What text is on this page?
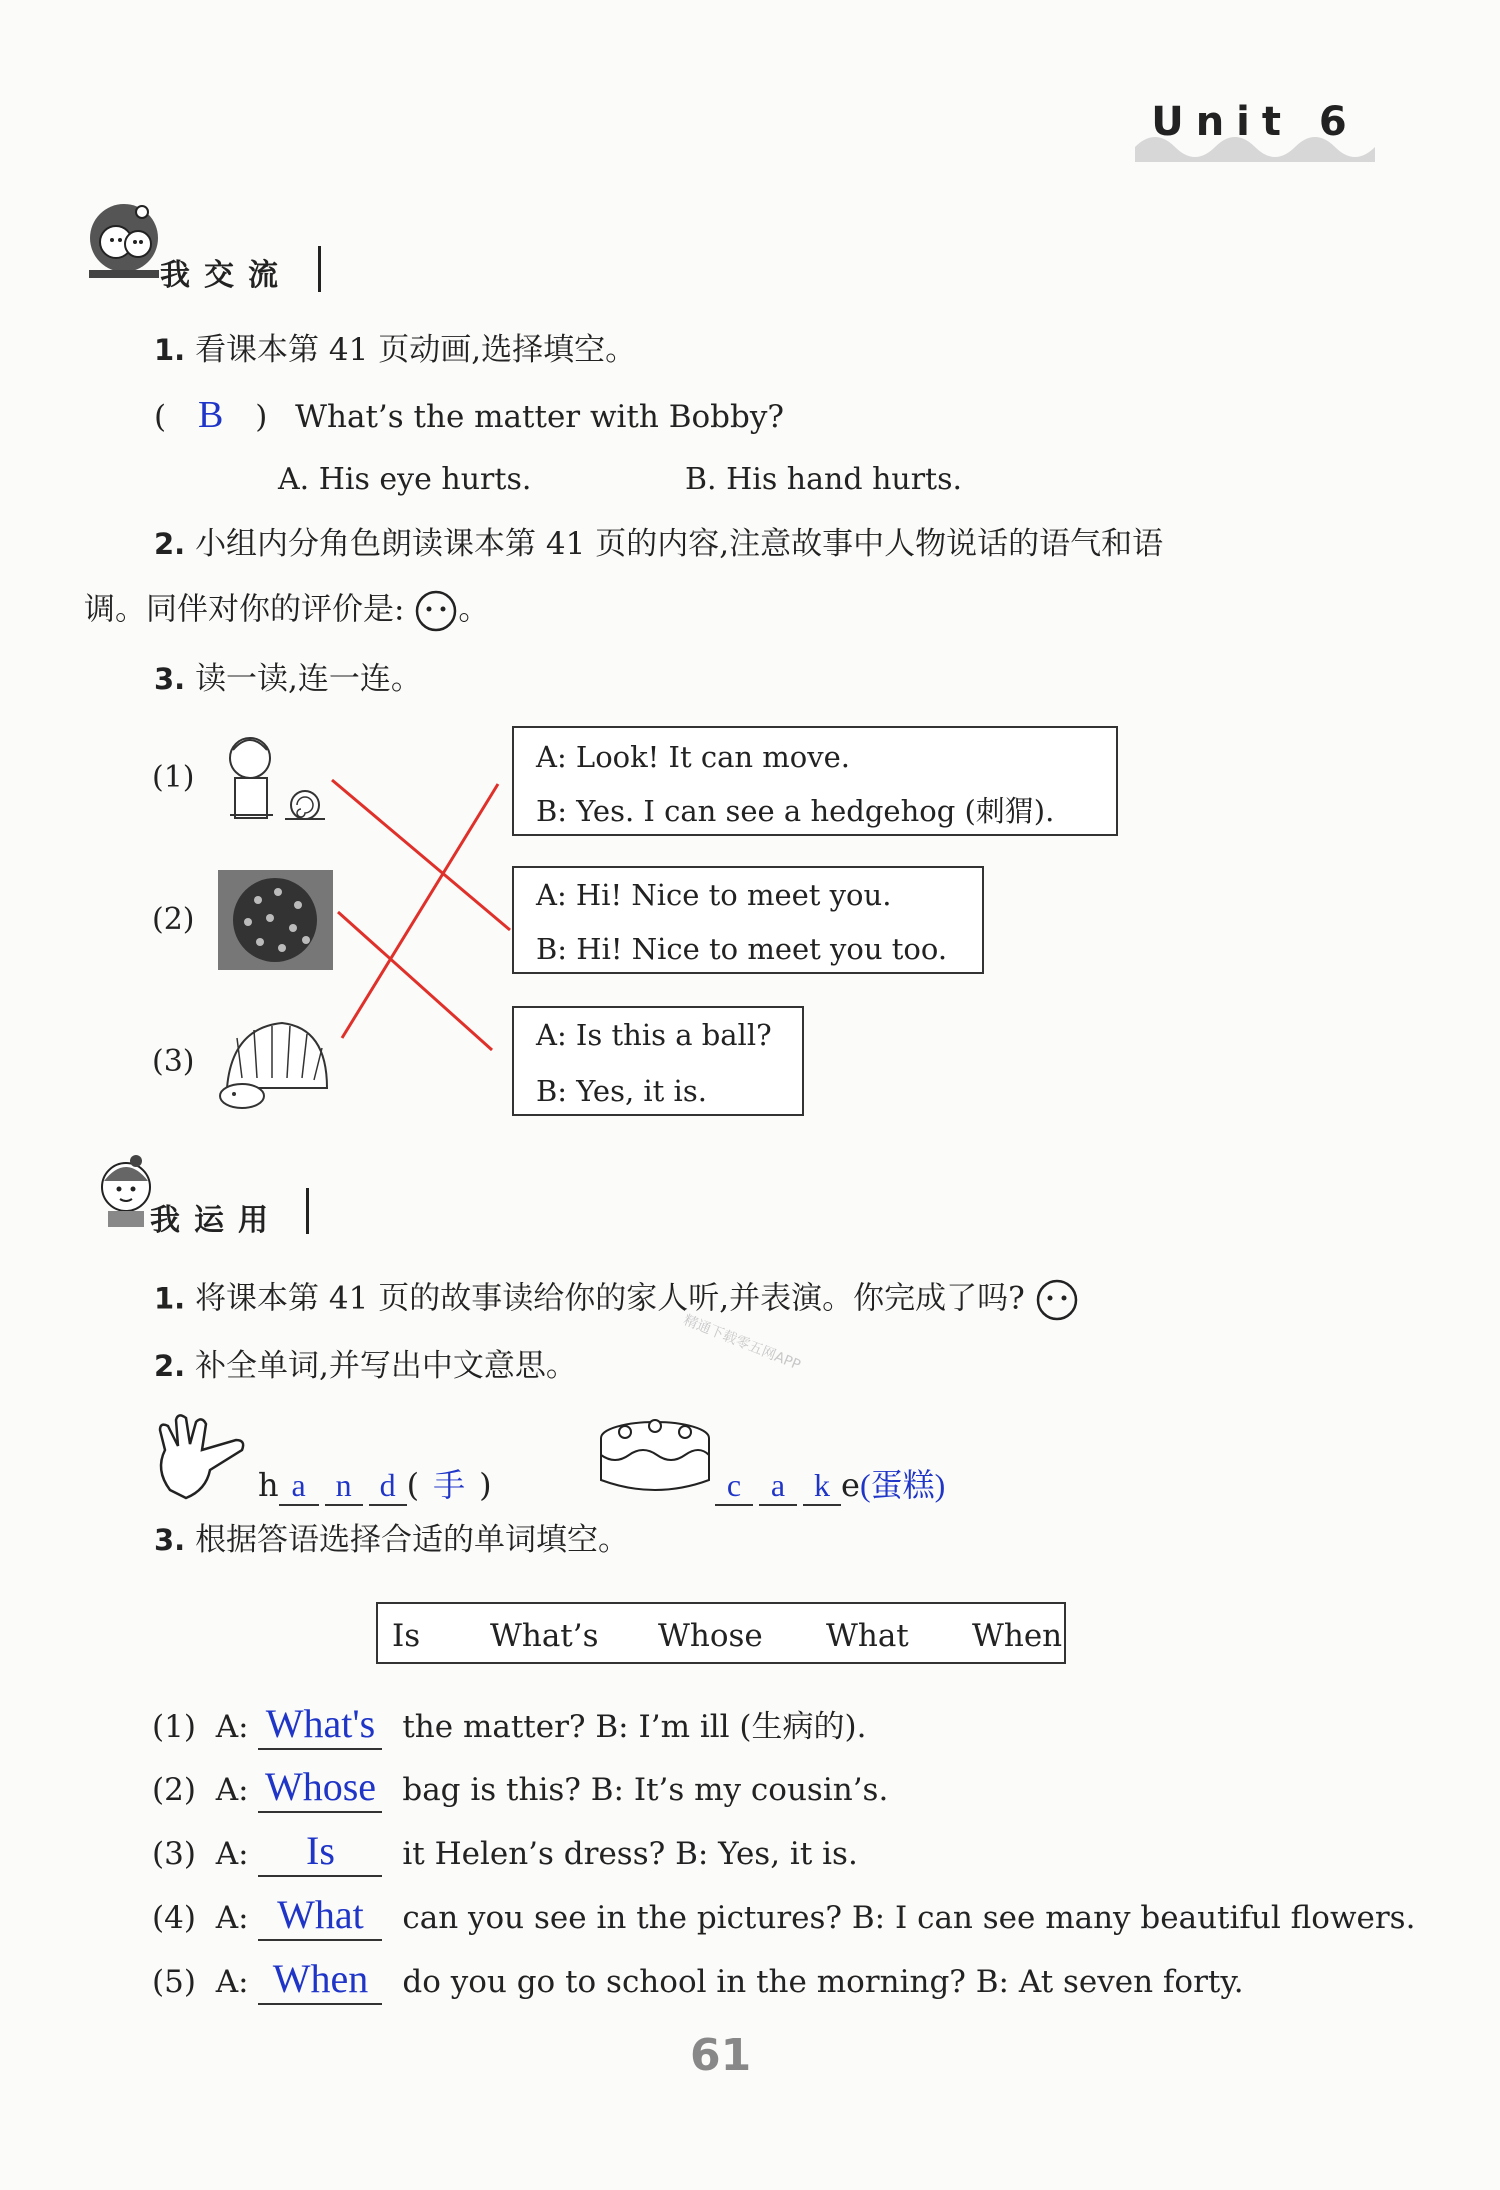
Unit 6
我交流
1. 看课本第 41 页动画,选择填空。
( B ) What’s the matter with Bobby?
A. His eye hurts.	B. His hand hurts.
2. 小组内分角色朗读课本第 41 页的内容,注意故事中人物说话的语气和语
调。同伴对你的评价是: 。
3. 读一读,连一连。
(1)
(2)
(3)
A: Look! It can move.
B: Yes. I can see a hedgehog (刺猬).
A: Hi! Nice to meet you.
B: Hi! Nice to meet you too.
A: Is this a ball?
B: Yes, it is.
我运用
1. 将课本第 41 页的故事读给你的家人听,并表演。你完成了吗?
精通下载零五网APP
2. 补全单词,并写出中文意思。
h a n d ( 手 )	c a k e(蛋糕)
3. 根据答语选择合适的单词填空。
Is What’s Whose What When
(1) A: What's the matter? B: I’m ill (生病的).
(2) A: Whose bag is this? B: It’s my cousin’s.
(3) A: Is it Helen’s dress? B: Yes, it is.
(4) A: What can you see in the pictures? B: I can see many beautiful flowers.
(5) A: When do you go to school in the morning? B: At seven forty.
61
